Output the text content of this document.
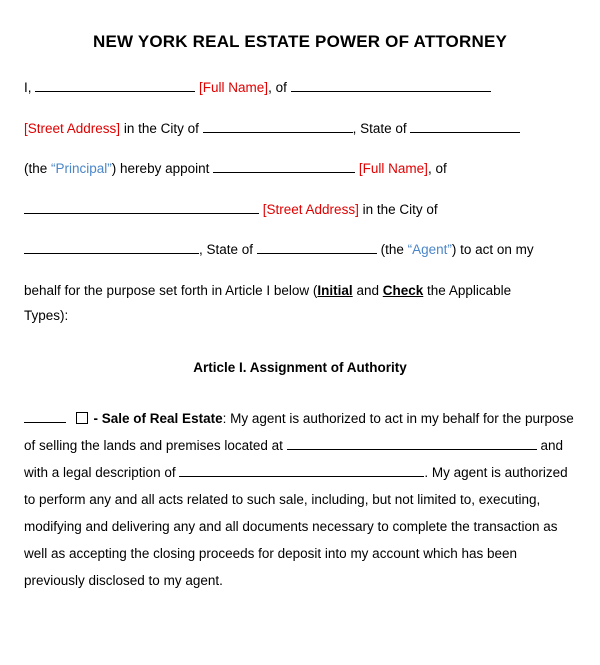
NEW YORK REAL ESTATE POWER OF ATTORNEY
I,	[Full Name], of
[Street Address] in the City of	, State of
(the “Principal”) hereby appoint	[Full Name], of
[Street Address] in the City of
, State of	(the “Agent”) to act on my
behalf for the purpose set forth in Article I below (Initial and Check the Applicable
Types):
Article I. Assignment of Authority
- Sale of Real Estate: My agent is authorized to act in my behalf for the purpose of selling the lands and premises located at	and with a legal description of	. My agent is authorized to perform any and all acts related to such sale, including, but not limited to, executing, modifying and delivering any and all documents necessary to complete the transaction as well as accepting the closing proceeds for deposit into my account which has been previously disclosed to my agent.
